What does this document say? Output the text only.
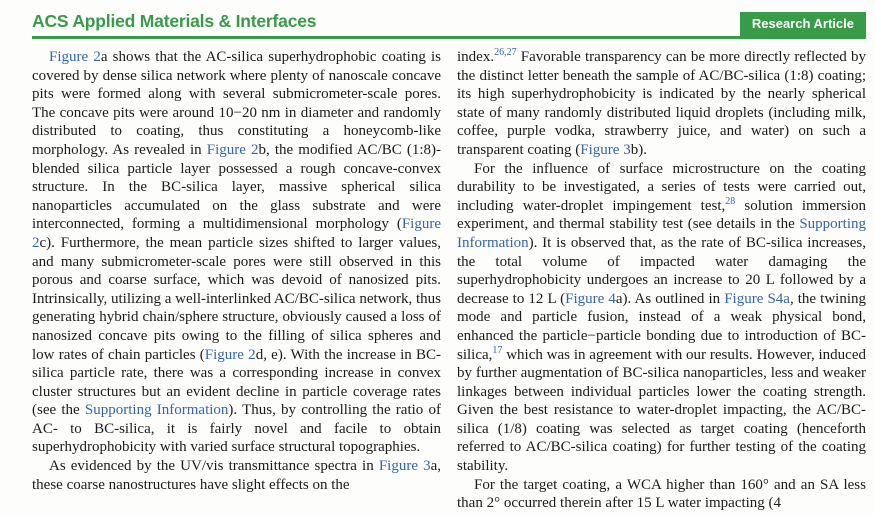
ACS Applied Materials & Interfaces	Research Article

Figure 2a shows that the AC-silica superhydrophobic coating is covered by dense silica network where plenty of nanoscale concave pits were formed along with several submicrometer-scale pores. The concave pits were around 10−20 nm in diameter and randomly distributed to coating, thus constituting a honeycomb-like morphology. As revealed in Figure 2b, the modified AC/BC (1:8)-blended silica particle layer possessed a rough concave-convex structure. In the BC-silica layer, massive spherical silica nanoparticles accumulated on the glass substrate and were interconnected, forming a multidimensional morphology (Figure 2c). Furthermore, the mean particle sizes shifted to larger values, and many submicrometer-scale pores were still observed in this porous and coarse surface, which was devoid of nanosized pits. Intrinsically, utilizing a well-interlinked AC/BC-silica network, thus generating hybrid chain/sphere structure, obviously caused a loss of nanosized concave pits owing to the filling of silica spheres and low rates of chain particles (Figure 2d, e). With the increase in BC-silica particle rate, there was a corresponding increase in convex cluster structures but an evident decline in particle coverage rates (see the Supporting Information). Thus, by controlling the ratio of AC- to BC-silica, it is fairly novel and facile to obtain superhydrophobicity with varied surface structural topographies.

As evidenced by the UV/vis transmittance spectra in Figure 3a, these coarse nanostructures have slight effects on the

index.$^{26,27}$ Favorable transparency can be more directly reflected by the distinct letter beneath the sample of AC/BC-silica (1:8) coating; its high superhydrophobicity is indicated by the nearly spherical state of many randomly distributed liquid droplets (including milk, coffee, purple vodka, strawberry juice, and water) on such a transparent coating (Figure 3b).

For the influence of surface microstructure on the coating durability to be investigated, a series of tests were carried out, including water-droplet impingement test,$^{28}$ solution immersion experiment, and thermal stability test (see details in the Supporting Information). It is observed that, as the rate of BC-silica increases, the total volume of impacted water damaging the superhydrophobicity undergoes an increase to 20 L followed by a decrease to 12 L (Figure 4a). As outlined in Figure S4a, the twining mode and particle fusion, instead of a weak physical bond, enhanced the particle−particle bonding due to introduction of BC-silica,$^{17}$ which was in agreement with our results. However, induced by further augmentation of BC-silica nanoparticles, less and weaker linkages between individual particles lower the coating strength. Given the best resistance to water-droplet impacting, the AC/BC-silica (1/8) coating was selected as target coating (henceforth referred to AC/BC-silica coating) for further testing of the coating stability.

For the target coating, a WCA higher than 160° and an SA less than 2° occurred therein after 15 L water impacting (4
